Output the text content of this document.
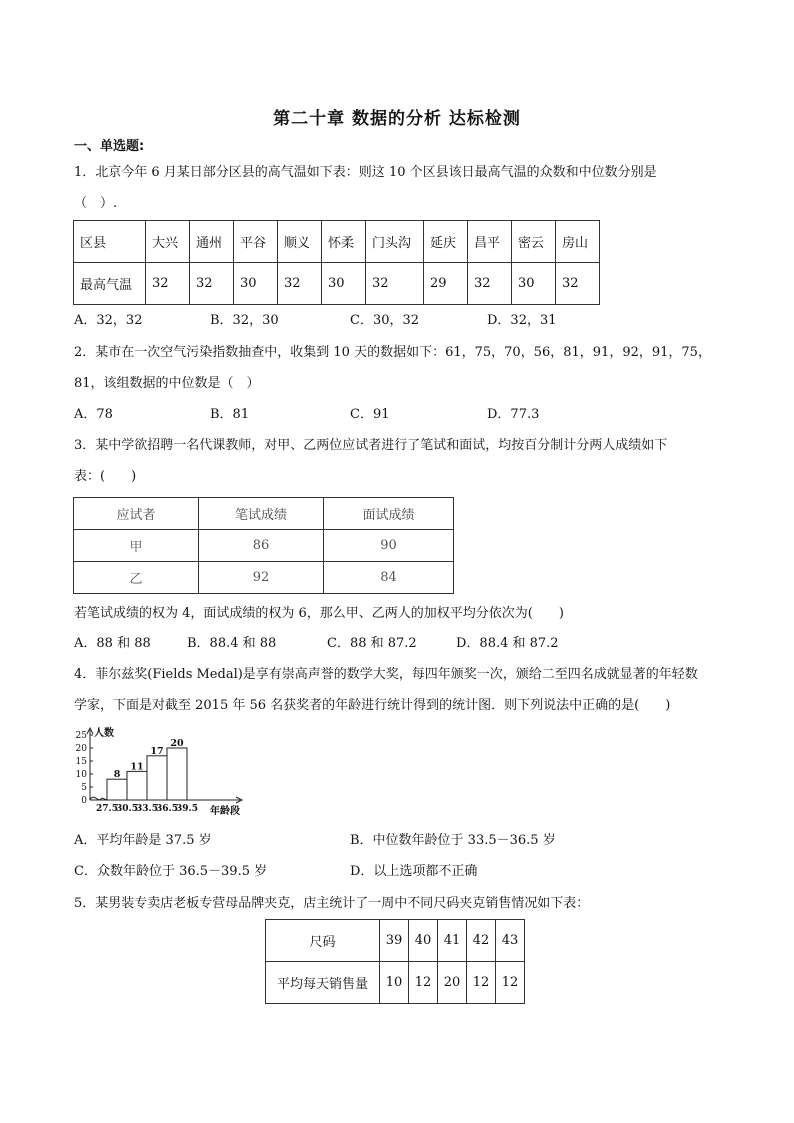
第二十章 数据的分析 达标检测
一、单选题:
1．北京今年 6 月某日部分区县的高气温如下表：则这 10 个区县该日最高气温的众数和中位数分别是
（　）.
区县	大兴	通州	平谷	顺义	怀柔	门头沟	延庆	昌平	密云	房山
最高气温	32	32	30	32	30	32	29	32	30	32
A．32，32	B．32，30	C．30，32	D．32，31
2．某市在一次空气污染指数抽查中，收集到 10 天的数据如下：61，75，70，56，81，91，92，91，75，
81，该组数据的中位数是（　）
A．78	B．81	C．91	D．77.3
3．某中学欲招聘一名代课教师，对甲、乙两位应试者进行了笔试和面试，均按百分制计分两人成绩如下
表：(　　)
应试者	笔试成绩	面试成绩
甲	86	90
乙	92	84
若笔试成绩的权为 4，面试成绩的权为 6，那么甲、乙两人的加权平均分依次为(　　)
A．88 和 88	B．88.4 和 88	C．88 和 87.2	D．88.4 和 87.2
4．菲尔兹奖(Fields Medal)是享有崇高声誉的数学大奖，每四年颁奖一次，颁给二至四名成就显著的年轻数
学家，下面是对截至 2015 年 56 名获奖者的年龄进行统计得到的统计图．则下列说法中正确的是(　　)
0
5
10
15
20
25 人数
8
11
17
20
27.5
30.5
33.5
36.5
39.5 年龄段
A．平均年龄是 37.5 岁	B．中位数年龄位于 33.5－36.5 岁
C．众数年龄位于 36.5－39.5 岁	D．以上选项都不正确
5．某男装专卖店老板专营母品牌夹克，店主统计了一周中不同尺码夹克销售情况如下表：
尺码	39	40	41	42	43
平均每天销售量	10	12	20	12	12
